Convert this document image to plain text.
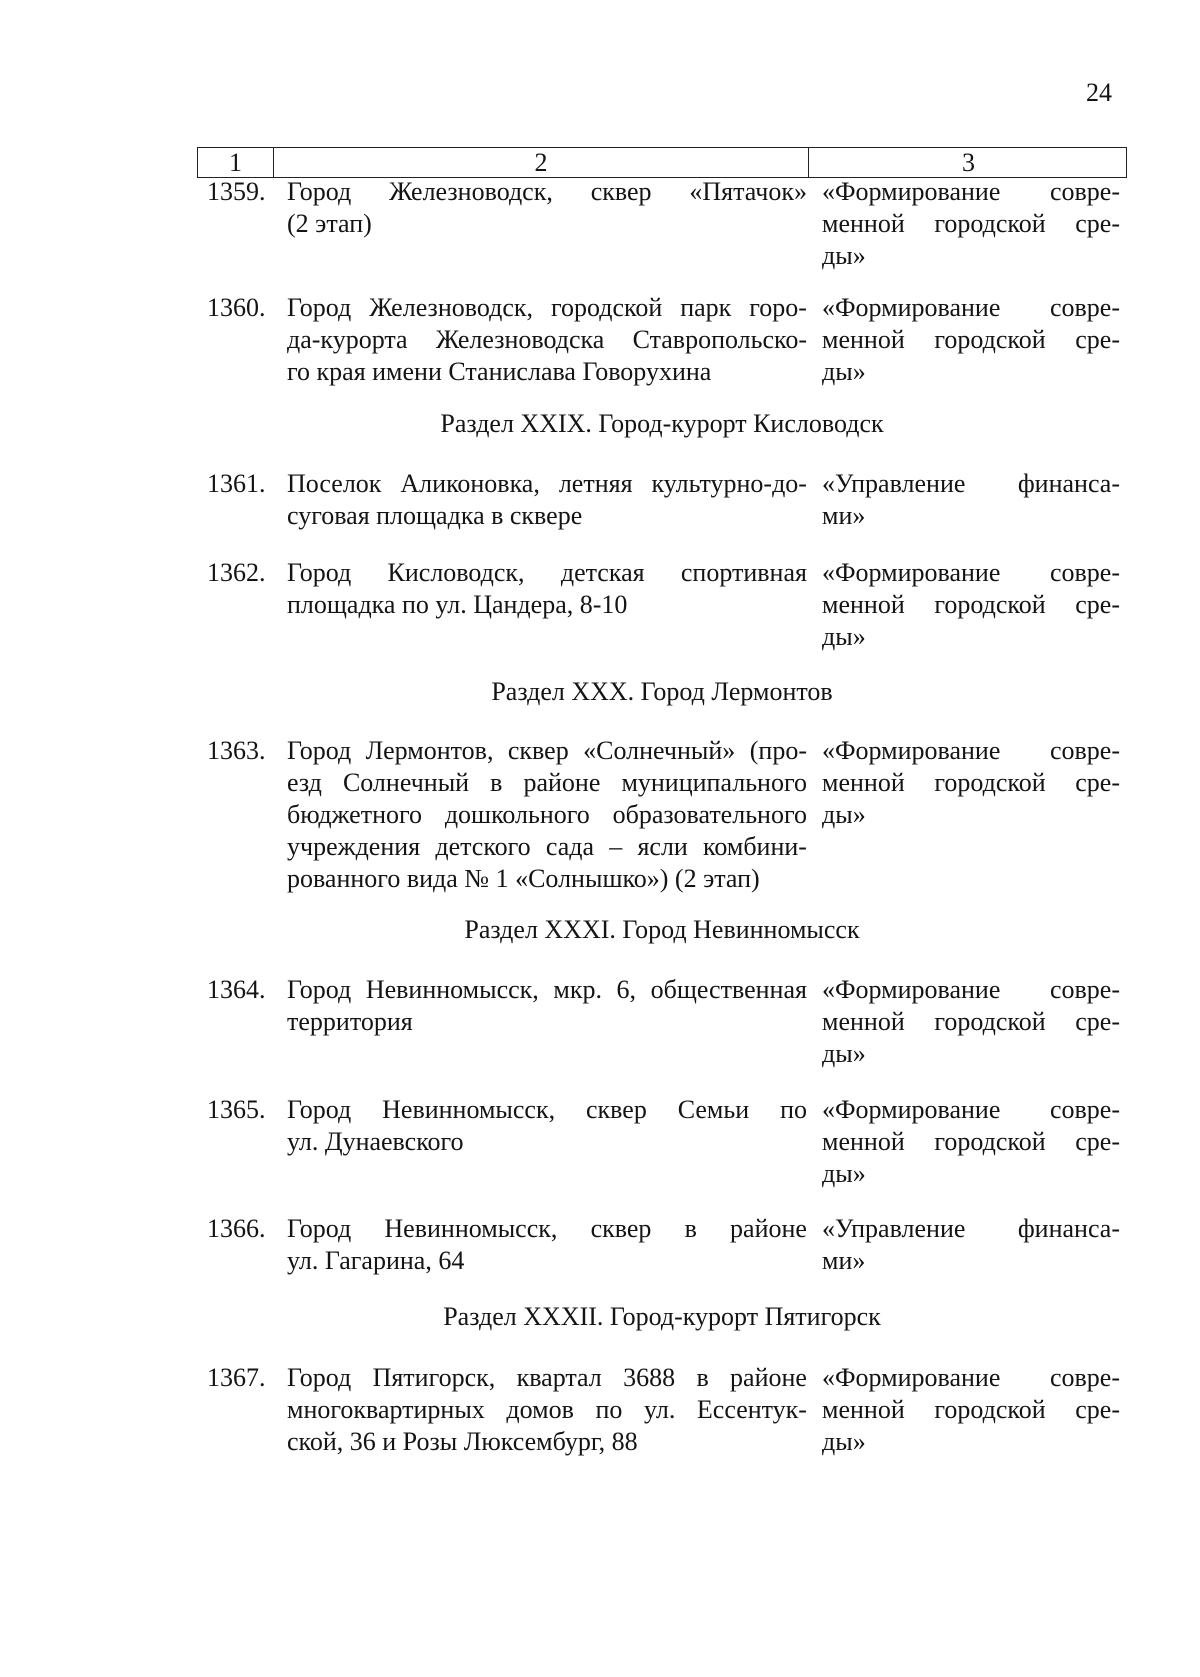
24
1	2	3
1359. Город Железноводск, сквер «Пятачок»
(2 этап)
«Формирование совре-
менной городской сре-
ды»
1360. Город Железноводск, городской парк горо-
да-курорта Железноводска Ставропольско-
го края имени Станислава Говорухина
«Формирование совре-
менной городской сре-
ды»
1361. Поселок Аликоновка, летняя культурно-до-
суговая площадка в сквере
«Управление финанса-
ми»
1362. Город Кисловодск, детская спортивная
площадка по ул. Цандера, 8-10
«Формирование совре-
менной городской сре-
ды»
1363. Город Лермонтов, сквер «Солнечный» (про-
езд Солнечный в районе муниципального
бюджетного дошкольного образовательного
учреждения детского сада – ясли комбини-
рованного вида № 1 «Солнышко») (2 этап)
«Формирование совре-
менной городской сре-
ды»
1364. Город Невинномысск, мкр. 6, общественная
территория
«Формирование совре-
менной городской сре-
ды»
1365. Город Невинномысск, сквер Семьи по
ул. Дунаевского
«Формирование совре-
менной городской сре-
ды»
1366. Город Невинномысск, сквер в районе
ул. Гагарина, 64
«Управление финанса-
ми»
1367. Город Пятигорск, квартал 3688 в районе
многоквартирных домов по ул. Ессентук-
ской, 36 и Розы Люксембург, 88
«Формирование совре-
менной городской сре-
ды»
Раздел XXIX. Город-курорт Кисловодск
Раздел XXX. Город Лермонтов
Раздел XXXI. Город Невинномысск
Раздел XXXII. Город-курорт Пятигорск
